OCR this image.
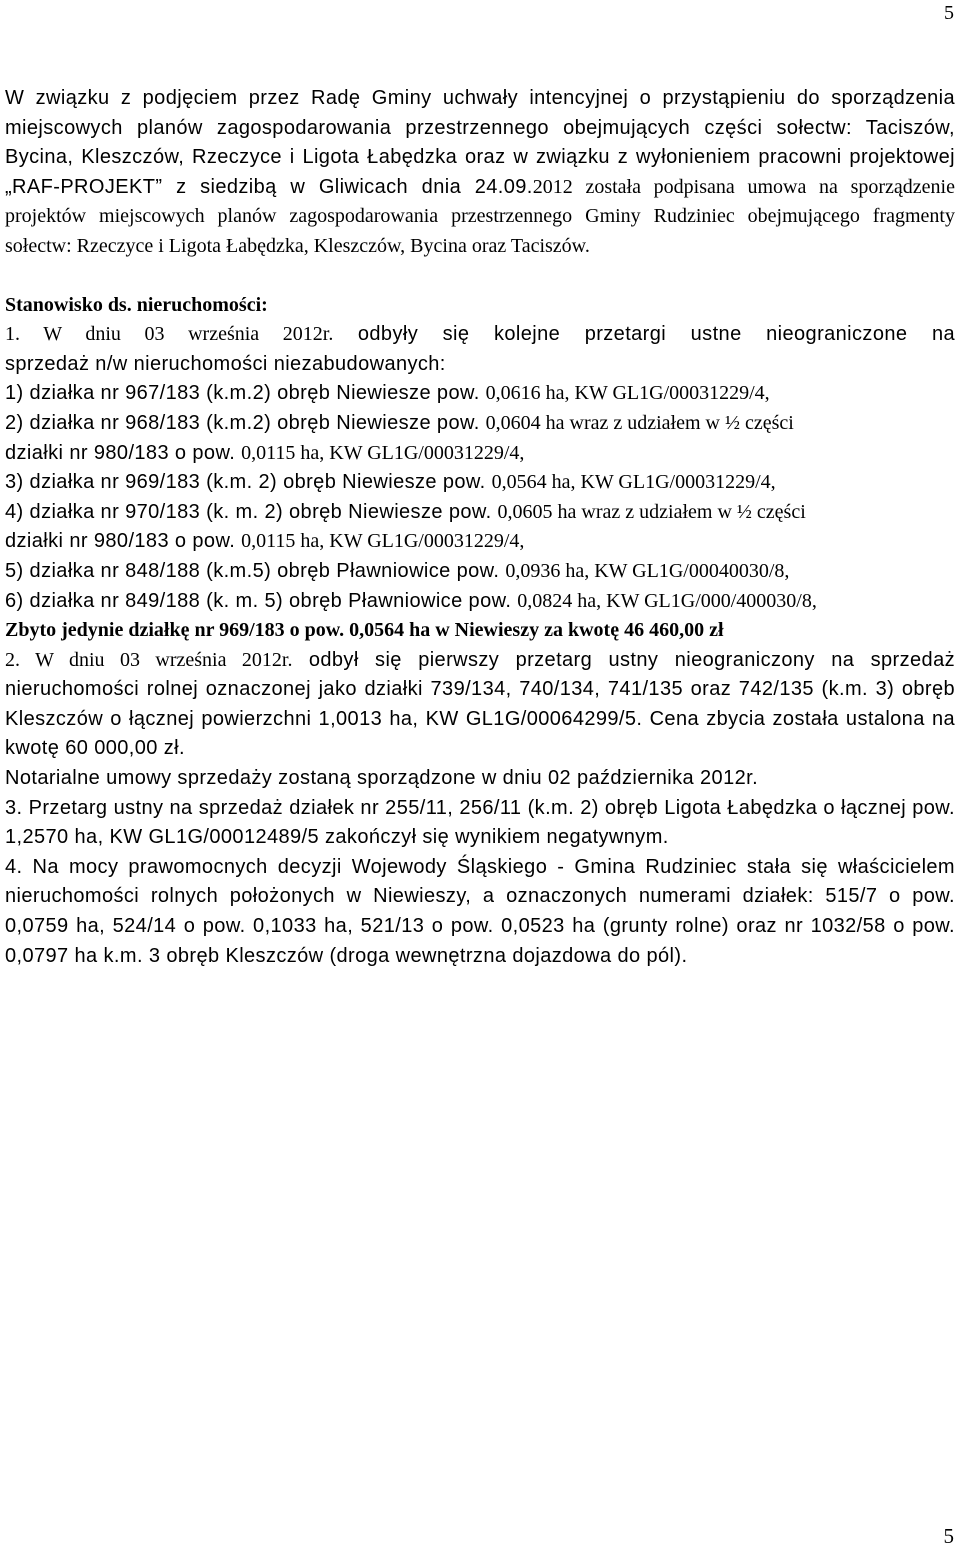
5

W związku z podjęciem przez Radę Gminy uchwały intencyjnej o przystąpieniu do sporządzenia miejscowych planów zagospodarowania przestrzennego obejmujących części sołectw: Taciszów, Bycina, Kleszczów, Rzeczyce i Ligota Łabędzka oraz w związku z wyłonieniem pracowni projektowej „RAF-PROJEKT” z siedzibą w Gliwicach dnia 24.09.2012 została podpisana umowa na sporządzenie projektów miejscowych planów zagospodarowania przestrzennego Gminy Rudziniec obejmującego fragmenty sołectw: Rzeczyce i Ligota Łabędzka, Kleszczów, Bycina oraz Taciszów.

Stanowisko ds. nieruchomości:

1. W dniu 03 września 2012r. odbyły się kolejne przetargi ustne nieograniczone na

sprzedaż n/w nieruchomości niezabudowanych:

1) działka nr 967/183 (k.m.2) obręb Niewiesze pow. 0,0616 ha, KW GL1G/00031229/4,

2) działka nr 968/183 (k.m.2) obręb Niewiesze pow. 0,0604 ha wraz z udziałem w ½ części

działki nr 980/183 o pow. 0,0115 ha, KW GL1G/00031229/4,

3) działka nr 969/183 (k.m. 2) obręb Niewiesze pow. 0,0564 ha, KW GL1G/00031229/4,

4) działka nr 970/183 (k. m. 2) obręb Niewiesze pow. 0,0605 ha wraz z udziałem w ½ części

działki nr 980/183 o pow. 0,0115 ha, KW GL1G/00031229/4,

5) działka nr 848/188 (k.m.5) obręb Pławniowice pow. 0,0936 ha, KW GL1G/00040030/8,

6) działka nr 849/188 (k. m. 5) obręb Pławniowice pow. 0,0824 ha, KW GL1G/000/400030/8,

Zbyto jedynie działkę nr 969/183 o pow. 0,0564 ha w Niewieszy za kwotę 46 460,00 zł

2. W dniu 03 września 2012r. odbył się pierwszy przetarg ustny nieograniczony na sprzedaż nieruchomości rolnej oznaczonej jako działki 739/134, 740/134, 741/135 oraz 742/135 (k.m. 3) obręb Kleszczów o łącznej powierzchni 1,0013 ha, KW GL1G/00064299/5. Cena zbycia została ustalona na kwotę 60 000,00 zł.

Notarialne umowy sprzedaży zostaną sporządzone w dniu 02 października 2012r.

3. Przetarg ustny na sprzedaż działek nr 255/11, 256/11 (k.m. 2) obręb Ligota Łabędzka o łącznej pow. 1,2570 ha, KW GL1G/00012489/5 zakończył się wynikiem negatywnym.

4. Na mocy prawomocnych decyzji Wojewody Śląskiego - Gmina Rudziniec stała się właścicielem nieruchomości rolnych położonych w Niewieszy, a oznaczonych numerami działek: 515/7 o pow. 0,0759 ha, 524/14 o pow. 0,1033 ha, 521/13 o pow. 0,0523 ha (grunty rolne) oraz nr 1032/58 o pow. 0,0797 ha k.m. 3 obręb Kleszczów (droga wewnętrzna dojazdowa do pól).

5
